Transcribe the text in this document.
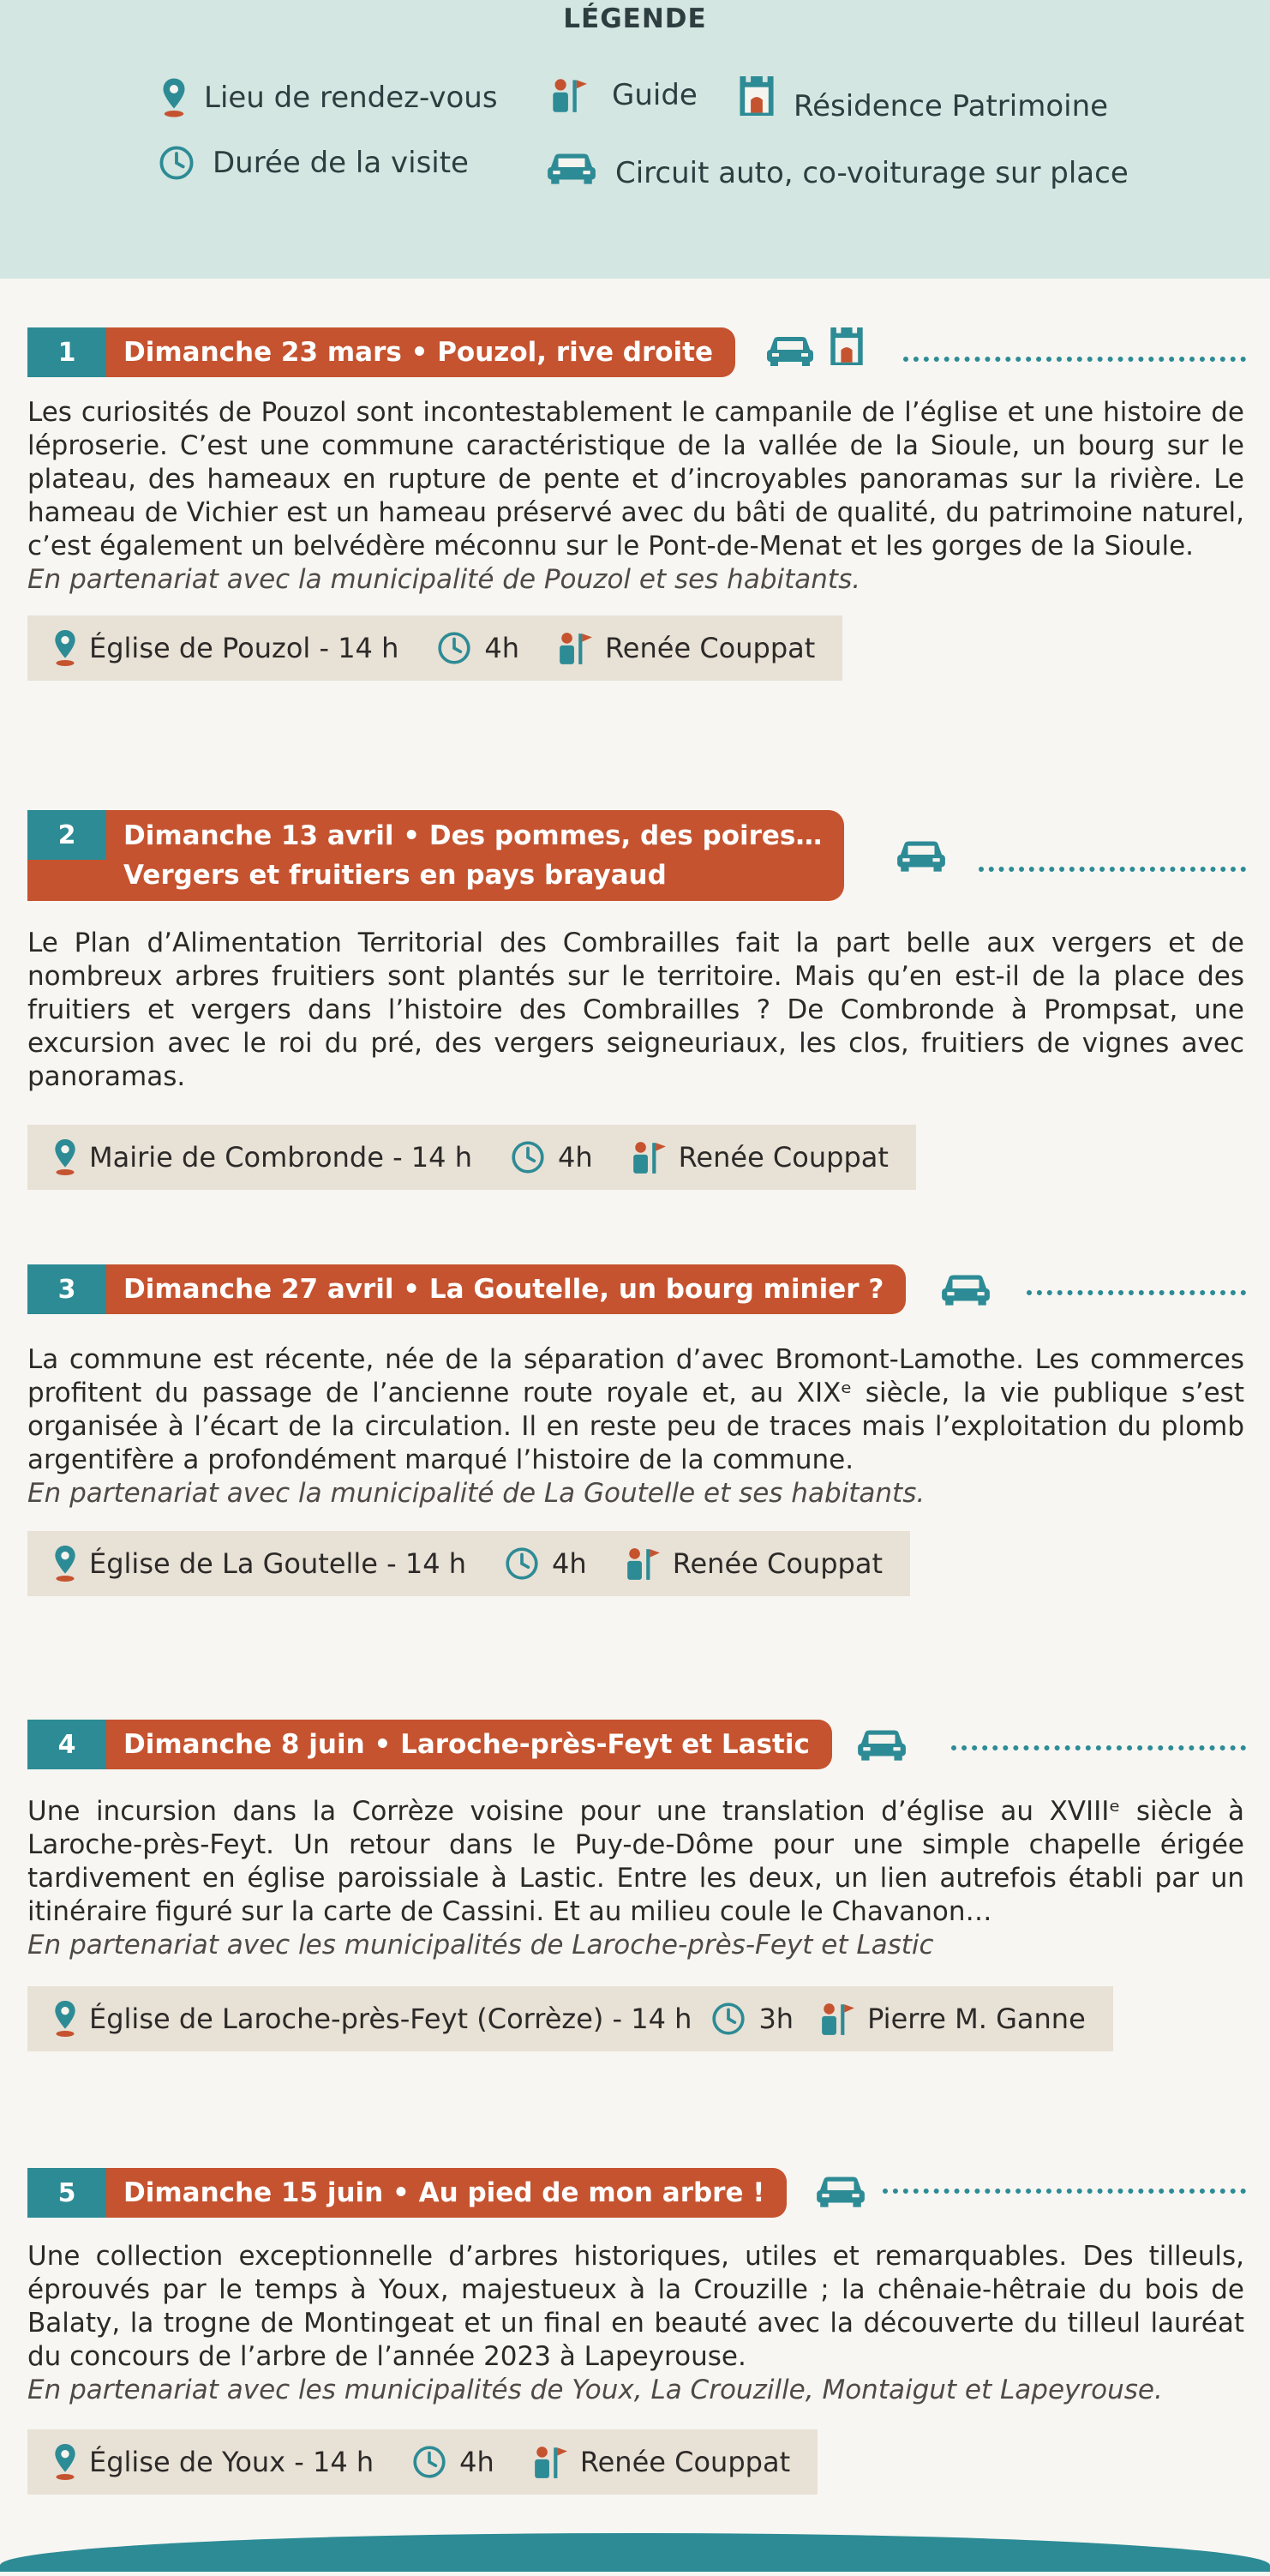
LÉGENDE
Lieu de rendez-vous	Guide	Résidence Patrimoine
Durée de la visite	Circuit auto, co-voiturage sur place
1	Dimanche 23 mars • Pouzol, rive droite
Les curiosités de Pouzol sont incontestablement le campanile de l’église et une histoire de léproserie. C’est une commune caractéristique de la vallée de la Sioule, un bourg sur le plateau, des hameaux en rupture de pente et d’incroyables panoramas sur la rivière. Le hameau de Vichier est un hameau préservé avec du bâti de qualité, du patrimoine naturel, c’est également un belvédère méconnu sur le Pont-de-Menat et les gorges de la Sioule.
En partenariat avec la municipalité de Pouzol et ses habitants.
Église de Pouzol - 14 h	4h	Renée Couppat
Dimanche 13 avril • Des pommes, des poires…
Vergers et fruitiers en pays brayaud
2
Le Plan d’Alimentation Territorial des Combrailles fait la part belle aux vergers et de nombreux arbres fruitiers sont plantés sur le territoire. Mais qu’en est-il de la place des fruitiers et vergers dans l’histoire des Combrailles ? De Combronde à Prompsat, une excursion avec le roi du pré, des vergers seigneuriaux, les clos, fruitiers de vignes avec panoramas.
Mairie de Combronde - 14 h	4h	Renée Couppat
3	Dimanche 27 avril • La Goutelle, un bourg minier ?
La commune est récente, née de la séparation d’avec Bromont-Lamothe. Les commerces profitent du passage de l’ancienne route royale et, au XIXᵉ siècle, la vie publique s’est organisée à l’écart de la circulation. Il en reste peu de traces mais l’exploitation du plomb argentifère a profondément marqué l’histoire de la commune.
En partenariat avec la municipalité de La Goutelle et ses habitants.
Église de La Goutelle - 14 h	4h	Renée Couppat
4	Dimanche 8 juin • Laroche-près-Feyt et Lastic
Une incursion dans la Corrèze voisine pour une translation d’église au XVIIIᵉ siècle à Laroche-près-Feyt. Un retour dans le Puy-de-Dôme pour une simple chapelle érigée tardivement en église paroissiale à Lastic. Entre les deux, un lien autrefois établi par un itinéraire figuré sur la carte de Cassini. Et au milieu coule le Chavanon…
En partenariat avec les municipalités de Laroche-près-Feyt et Lastic
Église de Laroche-près-Feyt (Corrèze) - 14 h 3h	Pierre M. Ganne
5	Dimanche 15 juin • Au pied de mon arbre !
Une collection exceptionnelle d’arbres historiques, utiles et remarquables. Des tilleuls, éprouvés par le temps à Youx, majestueux à la Crouzille ; la chênaie-hêtraie du bois de Balaty, la trogne de Montingeat et un final en beauté avec la découverte du tilleul lauréat du concours de l’arbre de l’année 2023 à Lapeyrouse.
En partenariat avec les municipalités de Youx, La Crouzille, Montaigut et Lapeyrouse.
Église de Youx - 14 h	4h	Renée Couppat
